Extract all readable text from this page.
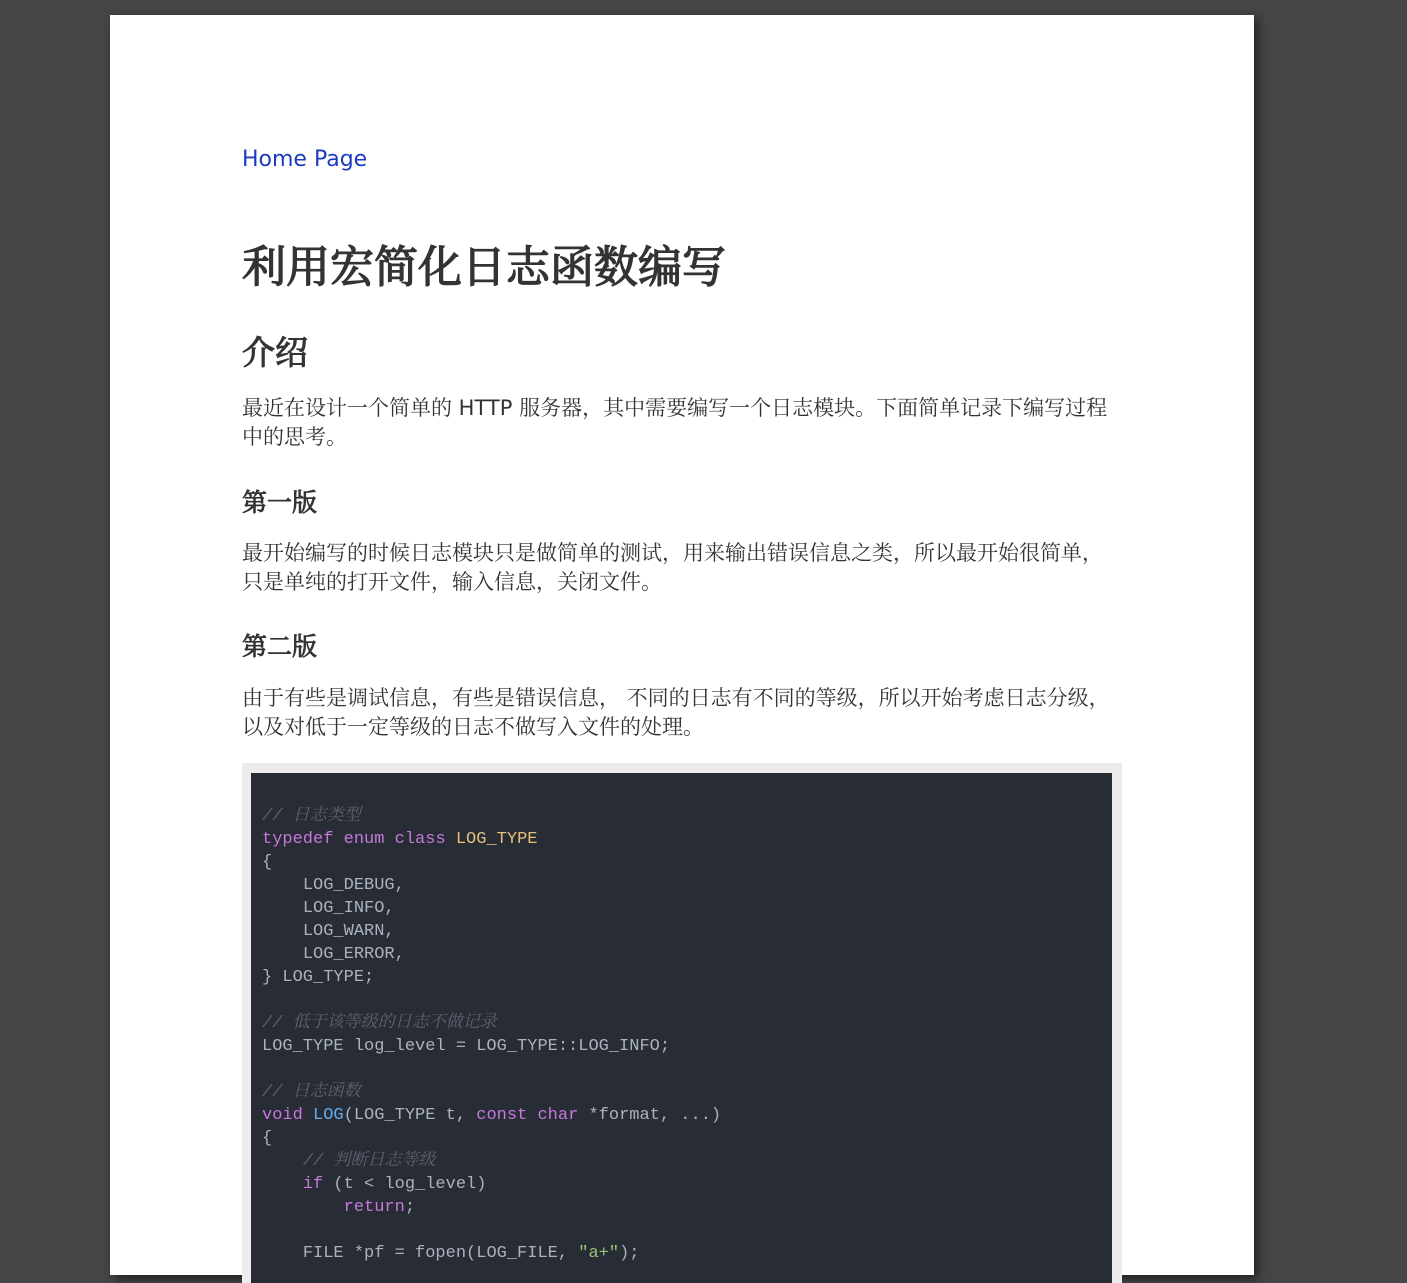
Home Page
利用宏简化日志函数编写
介绍

最近在设计一个简单的 HTTP 服务器，其中需要编写一个日志模块。下面简单记录下编写过程中的思考。

第一版

最开始编写的时候日志模块只是做简单的测试，用来输出错误信息之类，所以最开始很简单，只是单纯的打开文件，输入信息，关闭文件。

第二版

由于有些是调试信息，有些是错误信息， 不同的日志有不同的等级，所以开始考虑日志分级，以及对低于一定等级的日志不做写入文件的处理。

// 日志类型
typedef enum class LOG_TYPE
{
LOG_DEBUG,
LOG_INFO,
LOG_WARN,
LOG_ERROR,
} LOG_TYPE;

// 低于该等级的日志不做记录
LOG_TYPE log_level = LOG_TYPE::LOG_INFO;

// 日志函数
void LOG(LOG_TYPE t, const char *format, ...)
{
// 判断日志等级
if (t < log_level)
return;

FILE *pf = fopen(LOG_FILE, "a+");
